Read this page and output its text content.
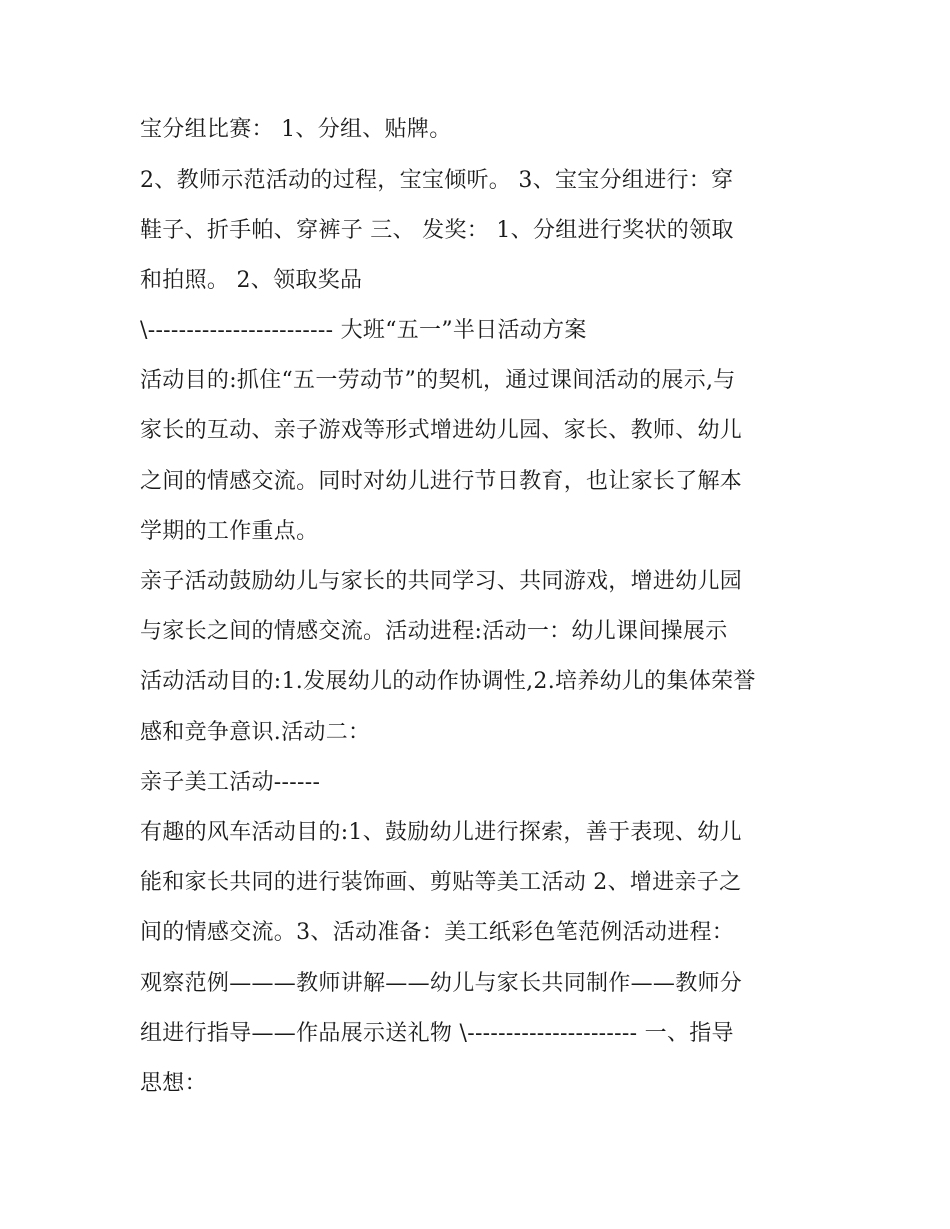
宝分组比赛： 1、分组、贴牌。
2、教师示范活动的过程，宝宝倾听。 3、宝宝分组进行：穿
鞋子、折手帕、穿裤子 三、 发奖： 1、分组进行奖状的领取
和拍照。 2、领取奖品
\------------------------ 大班“五一”半日活动方案
活动目的:抓住“五一劳动节”的契机，通过课间活动的展示,与
家长的互动、亲子游戏等形式增进幼儿园、家长、教师、幼儿
之间的情感交流。同时对幼儿进行节日教育，也让家长了解本
学期的工作重点。
亲子活动鼓励幼儿与家长的共同学习、共同游戏，增进幼儿园
与家长之间的情感交流。活动进程:活动一：幼儿课间操展示
活动活动目的:1.发展幼儿的动作协调性,2.培养幼儿的集体荣誉
感和竞争意识.活动二：
亲子美工活动------
有趣的风车活动目的:1、鼓励幼儿进行探索，善于表现、幼儿
能和家长共同的进行装饰画、剪贴等美工活动 2、增进亲子之
间的情感交流。3、活动准备：美工纸彩色笔范例活动进程：
观察范例———教师讲解——幼儿与家长共同制作——教师分
组进行指导——作品展示送礼物 \---------------------- 一、指导
思想：
